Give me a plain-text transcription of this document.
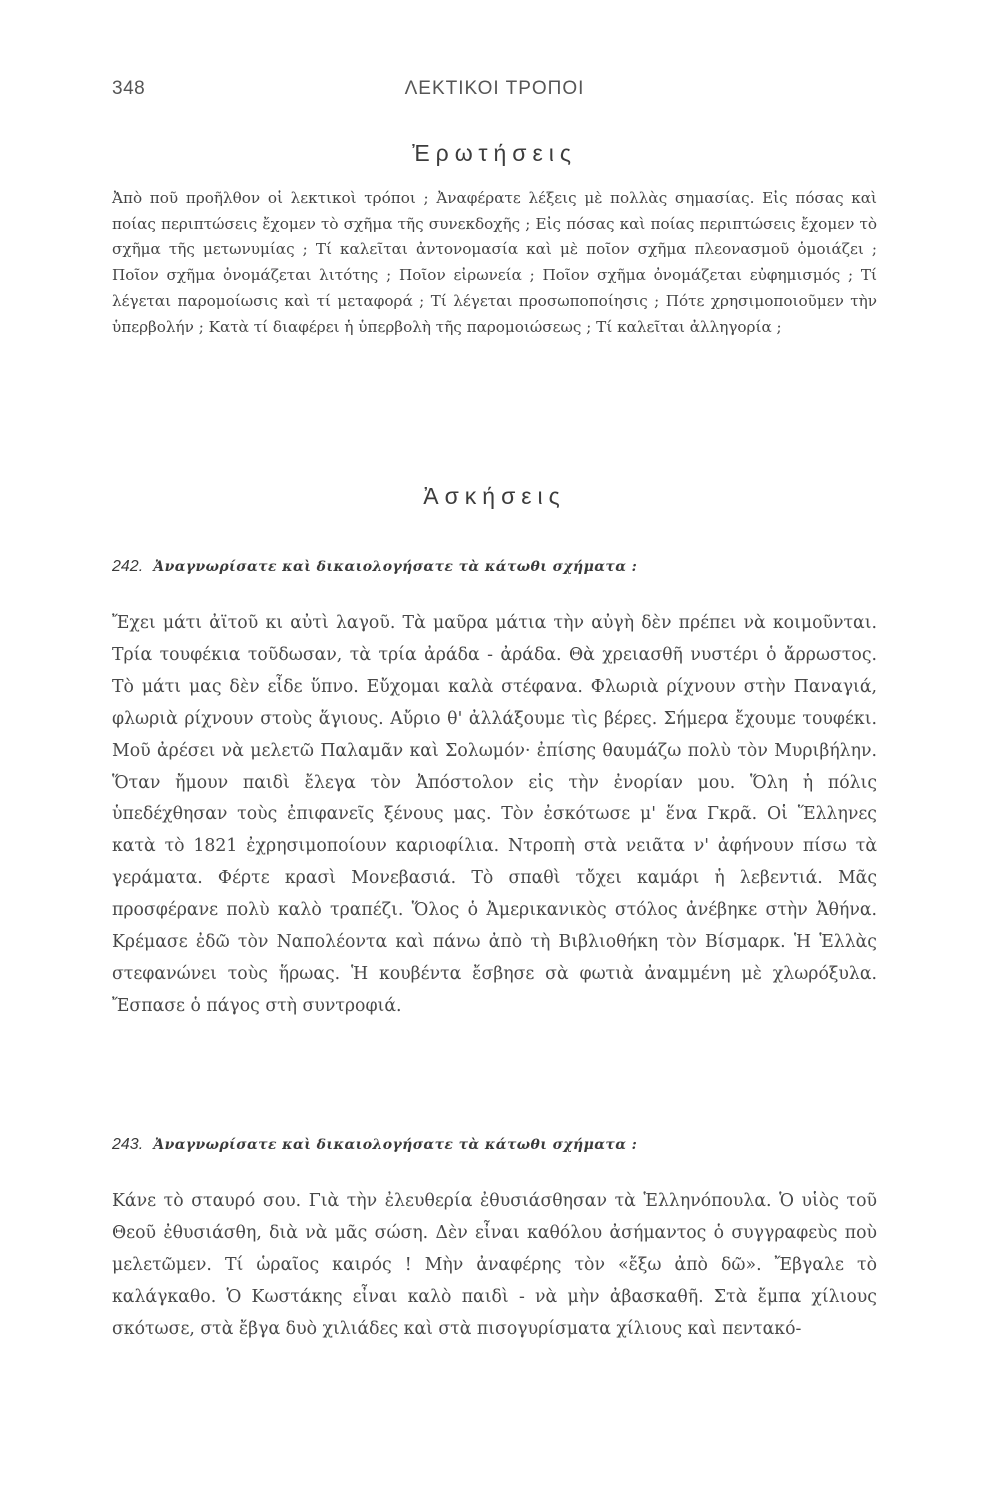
348	ΛΕΚΤΙΚΟΙ ΤΡΟΠΟΙ
Ἐρωτήσεις

Ἀπὸ ποῦ προῆλθον οἱ λεκτικοὶ τρόποι ; Ἀναφέρατε λέξεις μὲ πολλὰς σημασίας. Εἰς πόσας καὶ ποίας περιπτώσεις ἔχομεν τὸ σχῆμα τῆς συνεκδοχῆς ; Εἰς πόσας καὶ ποίας περιπτώσεις ἔχομεν τὸ σχῆμα τῆς μετωνυμίας ; Τί καλεῖται ἀντονομασία καὶ μὲ ποῖον σχῆμα πλεονασμοῦ ὁμοιάζει ; Ποῖον σχῆμα ὀνομάζεται λιτότης ; Ποῖον εἰρωνεία ; Ποῖον σχῆμα ὀνομάζεται εὐφημισμός ; Τί λέγεται παρομοίωσις καὶ τί μεταφορά ; Τί λέγεται προσωποποίησις ; Πότε χρησιμοποιοῦμεν τὴν ὑπερβολήν ; Κατὰ τί διαφέρει ἡ ὑπερβολὴ τῆς παρομοιώσεως ; Τί καλεῖται ἀλληγορία ;

Ἀσκήσεις
242. Ἀναγνωρίσατε καὶ δικαιολογήσατε τὰ κάτωθι σχήματα :

Ἔχει μάτι ἀϊτοῦ κι αὐτὶ λαγοῦ. Τὰ μαῦρα μάτια τὴν αὐγὴ δὲν πρέπει νὰ κοιμοῦνται. Τρία τουφέκια τοῦδωσαν, τὰ τρία ἀράδα - ἀράδα. Θὰ χρειασθῆ νυστέρι ὁ ἄρρωστος. Τὸ μάτι μας δὲν εἶδε ὕπνο. Εὔχομαι καλὰ στέφανα. Φλωριὰ ρίχνουν στὴν Παναγιά, φλωριὰ ρίχνουν στοὺς ἅγιους. Αὔριο θ' ἀλλάξουμε τὶς βέρες. Σήμερα ἔχουμε τουφέκι. Μοῦ ἀρέσει νὰ μελετῶ Παλαμᾶν καὶ Σολωμόν· ἐπίσης θαυμάζω πολὺ τὸν Μυριβήλην. Ὅταν ἤμουν παιδὶ ἔλεγα τὸν Ἀπόστολον εἰς τὴν ἐνορίαν μου. Ὅλη ἡ πόλις ὑπεδέχθησαν τοὺς ἐπιφανεῖς ξένους μας. Τὸν ἐσκότωσε μ' ἕνα Γκρᾶ. Οἱ Ἕλληνες κατὰ τὸ 1821 ἐχρησιμοποίουν καριοφίλια. Ντροπὴ στὰ νειᾶτα ν' ἀφήνουν πίσω τὰ γεράματα. Φέρτε κρασὶ Μονεβασιά. Τὸ σπαθὶ τὄχει καμάρι ἡ λεβεντιά. Μᾶς προσφέρανε πολὺ καλὸ τραπέζι. Ὅλος ὁ Ἀμερικανικὸς στόλος ἀνέβηκε στὴν Ἀθήνα. Κρέμασε ἐδῶ τὸν Ναπολέοντα καὶ πάνω ἀπὸ τὴ Βιβλιοθήκη τὸν Βίσμαρκ. Ἡ Ἑλλὰς στεφανώνει τοὺς ἥρωας. Ἡ κουβέντα ἔσβησε σὰ φωτιὰ ἀναμμένη μὲ χλωρόξυλα. Ἔσπασε ὁ πάγος στὴ συντροφιά.

243. Ἀναγνωρίσατε καὶ δικαιολογήσατε τὰ κάτωθι σχήματα :

Κάνε τὸ σταυρό σου. Γιὰ τὴν ἐλευθερία ἐθυσιάσθησαν τὰ Ἑλληνόπουλα. Ὁ υἱὸς τοῦ Θεοῦ ἐθυσιάσθη, διὰ νὰ μᾶς σώση. Δὲν εἶναι καθόλου ἀσήμαντος ὁ συγγραφεὺς ποὺ μελετῶμεν. Τί ὡραῖος καιρός ! Μὴν ἀναφέρης τὸν «ἔξω ἀπὸ δῶ». Ἔβγαλε τὸ καλάγκαθο. Ὁ Κωστάκης εἶναι καλὸ παιδὶ - νὰ μὴν ἀβασκαθῆ. Στὰ ἔμπα χίλιους σκότωσε, στὰ ἔβγα δυὸ χιλιάδες καὶ στὰ πισογυρίσματα χίλιους καὶ πεντακό-
